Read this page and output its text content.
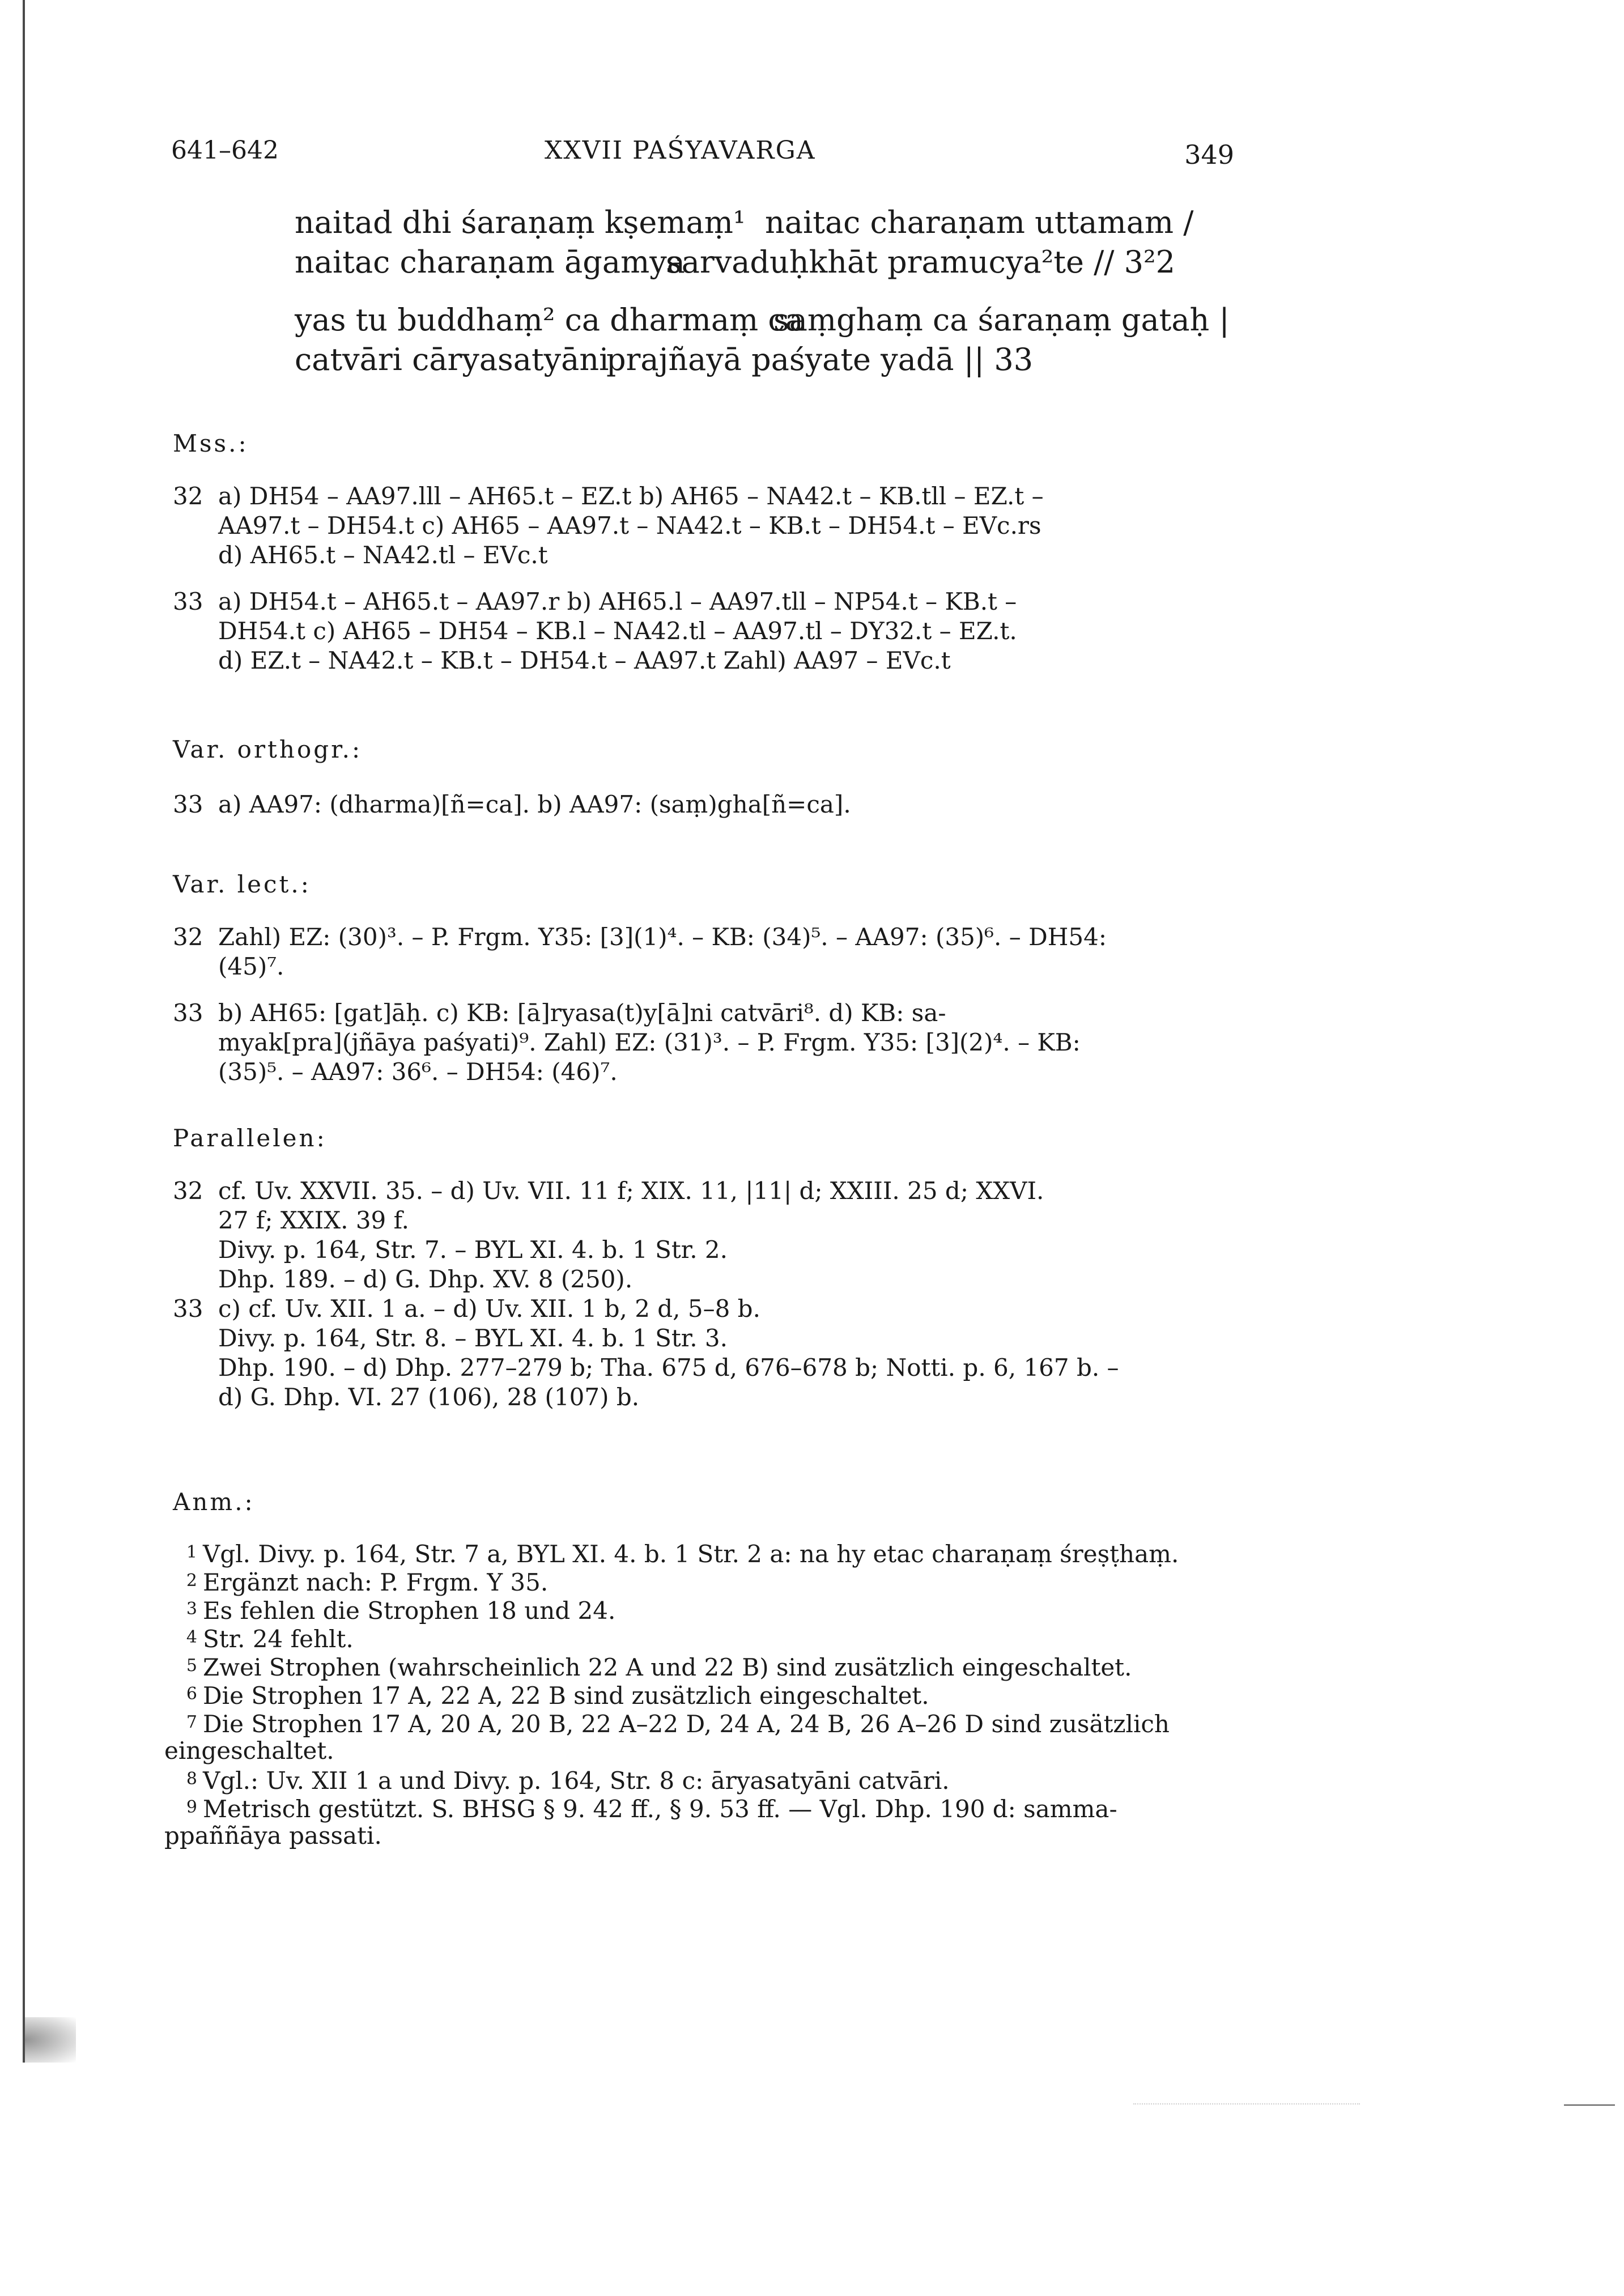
641–642	XXVII PAŚYAVARGA	349
naitad dhi śaraṇaṃ kṣemaṃ¹ naitac charaṇam uttamam /
naitac charaṇam āgamya
sarvaduḥkhāt pramucya²te // 3²2
yas tu buddhaṃ² ca dharmaṃ ca
saṃghaṃ ca śaraṇaṃ gataḥ |
catvāri cāryasatyāni
prajñayā paśyate yadā || 33
Mss.:
32 a) DH54 – AA97.lll – AH65.t – EZ.t b) AH65 – NA42.t – KB.tll – EZ.t –
AA97.t – DH54.t c) AH65 – AA97.t – NA42.t – KB.t – DH54.t – EVc.rs
d) AH65.t – NA42.tl – EVc.t
33 a) DH54.t – AH65.t – AA97.r b) AH65.l – AA97.tll – NP54.t – KB.t –
DH54.t c) AH65 – DH54 – KB.l – NA42.tl – AA97.tl – DY32.t – EZ.t.
d) EZ.t – NA42.t – KB.t – DH54.t – AA97.t Zahl) AA97 – EVc.t
Var. orthogr.:
33 a) AA97: (dharma)[ñ=ca]. b) AA97: (saṃ)gha[ñ=ca].
Var. lect.:
32 Zahl) EZ: (30)³. – P. Frgm. Y35: [3](1)⁴. – KB: (34)⁵. – AA97: (35)⁶. – DH54:
(45)⁷.
33 b) AH65: [gat]āḥ. c) KB: [ā]ryasa(t)y[ā]ni catvāri⁸. d) KB: sa-
myak[pra](jñāya paśyati)⁹. Zahl) EZ: (31)³. – P. Frgm. Y35: [3](2)⁴. – KB:
(35)⁵. – AA97: 36⁶. – DH54: (46)⁷.
Parallelen:
32 cf. Uv. XXVII. 35. – d) Uv. VII. 11 f; XIX. 11, |11| d; XXIII. 25 d; XXVI.
27 f; XXIX. 39 f.
Divy. p. 164, Str. 7. – BYL XI. 4. b. 1 Str. 2.
Dhp. 189. – d) G. Dhp. XV. 8 (250).
33 c) cf. Uv. XII. 1 a. – d) Uv. XII. 1 b, 2 d, 5–8 b.
Divy. p. 164, Str. 8. – BYL XI. 4. b. 1 Str. 3.
Dhp. 190. – d) Dhp. 277–279 b; Tha. 675 d, 676–678 b; Notti. p. 6, 167 b. –
d) G. Dhp. VI. 27 (106), 28 (107) b.
Anm.:
1 Vgl. Divy. p. 164, Str. 7 a, BYL XI. 4. b. 1 Str. 2 a: na hy etac charaṇaṃ śreṣṭhaṃ.
2 Ergänzt nach: P. Frgm. Y 35.
3 Es fehlen die Strophen 18 und 24.
4 Str. 24 fehlt.
5 Zwei Strophen (wahrscheinlich 22 A und 22 B) sind zusätzlich eingeschaltet.
6 Die Strophen 17 A, 22 A, 22 B sind zusätzlich eingeschaltet.
7 Die Strophen 17 A, 20 A, 20 B, 22 A–22 D, 24 A, 24 B, 26 A–26 D sind zusätzlich
eingeschaltet.
8 Vgl.: Uv. XII 1 a und Divy. p. 164, Str. 8 c: āryasatyāni catvāri.
9 Metrisch gestützt. S. BHSG § 9. 42 ff., § 9. 53 ff. — Vgl. Dhp. 190 d: samma-
ppaññāya passati.
